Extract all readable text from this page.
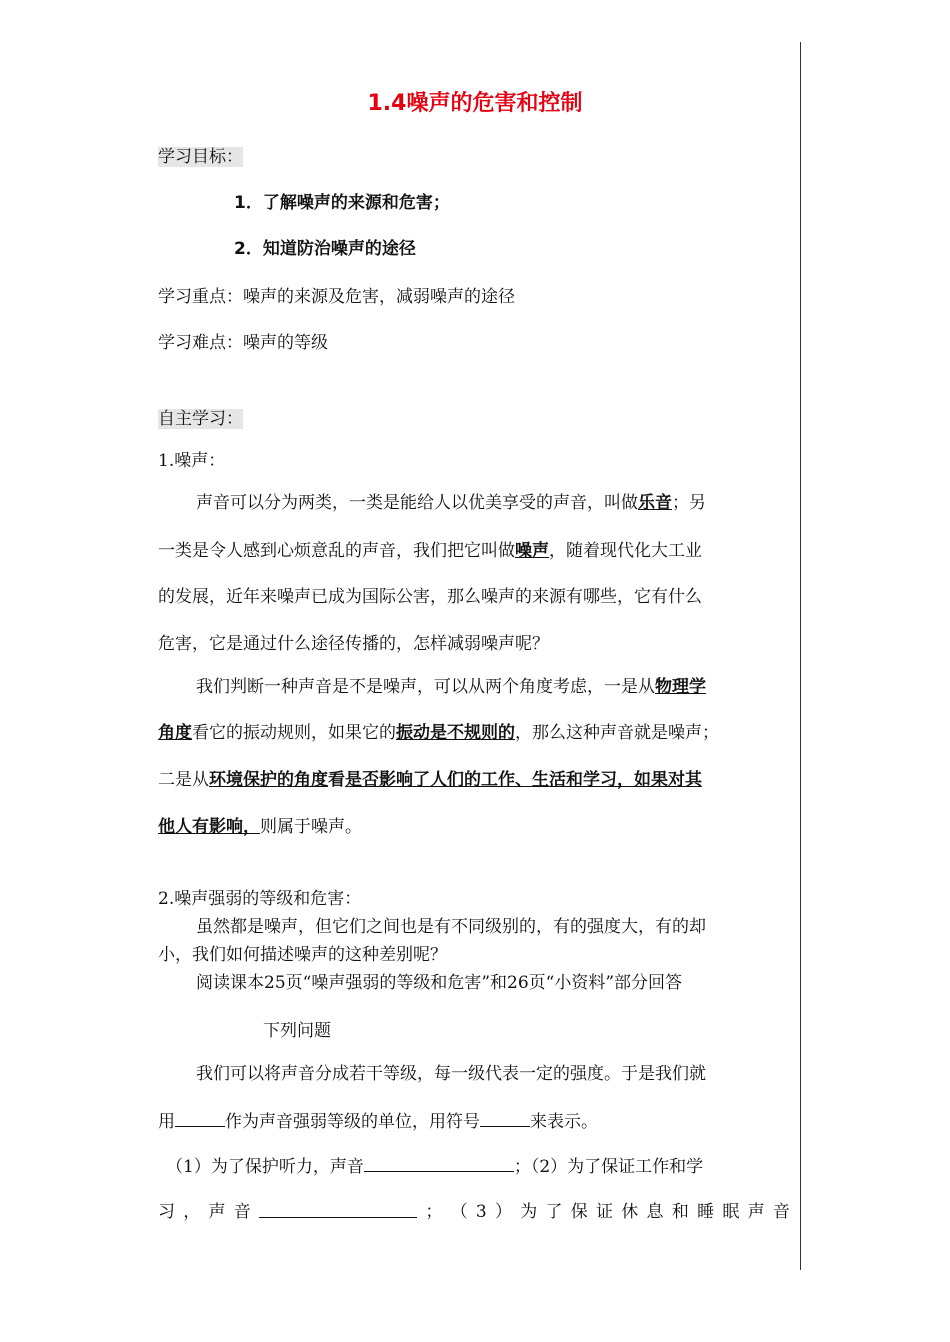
1.4噪声的危害和控制
学习目标：
1．了解噪声的来源和危害；
2．知道防治噪声的途径
学习重点：噪声的来源及危害，减弱噪声的途径
学习难点：噪声的等级
自主学习：
1.噪声：
声音可以分为两类，一类是能给人以优美享受的声音，叫做乐音；另
一类是令人感到心烦意乱的声音，我们把它叫做噪声，随着现代化大工业
的发展，近年来噪声已成为国际公害，那么噪声的来源有哪些，它有什么
危害，它是通过什么途径传播的，怎样减弱噪声呢？
我们判断一种声音是不是噪声，可以从两个角度考虑，一是从物理学
角度看它的振动规则，如果它的振动是不规则的，那么这种声音就是噪声；
二是从环境保护的角度看是否影响了人们的工作、生活和学习，如果对其
他人有影响，则属于噪声。
2.噪声强弱的等级和危害：
虽然都是噪声，但它们之间也是有不同级别的，有的强度大，有的却
小，我们如何描述噪声的这种差别呢？
阅读课本25页“噪声强弱的等级和危害”和26页“小资料”部分回答
下列问题
我们可以将声音分成若干等级，每一级代表一定的强度。于是我们就
用	作为声音强弱等级的单位，用符号	来表示。
（1）为了保护听力，声音	；（2）为了保证工作和学
习 ， 声 音	； （ 3 ） 为 了 保 证 休 息 和 睡 眠 声 音
